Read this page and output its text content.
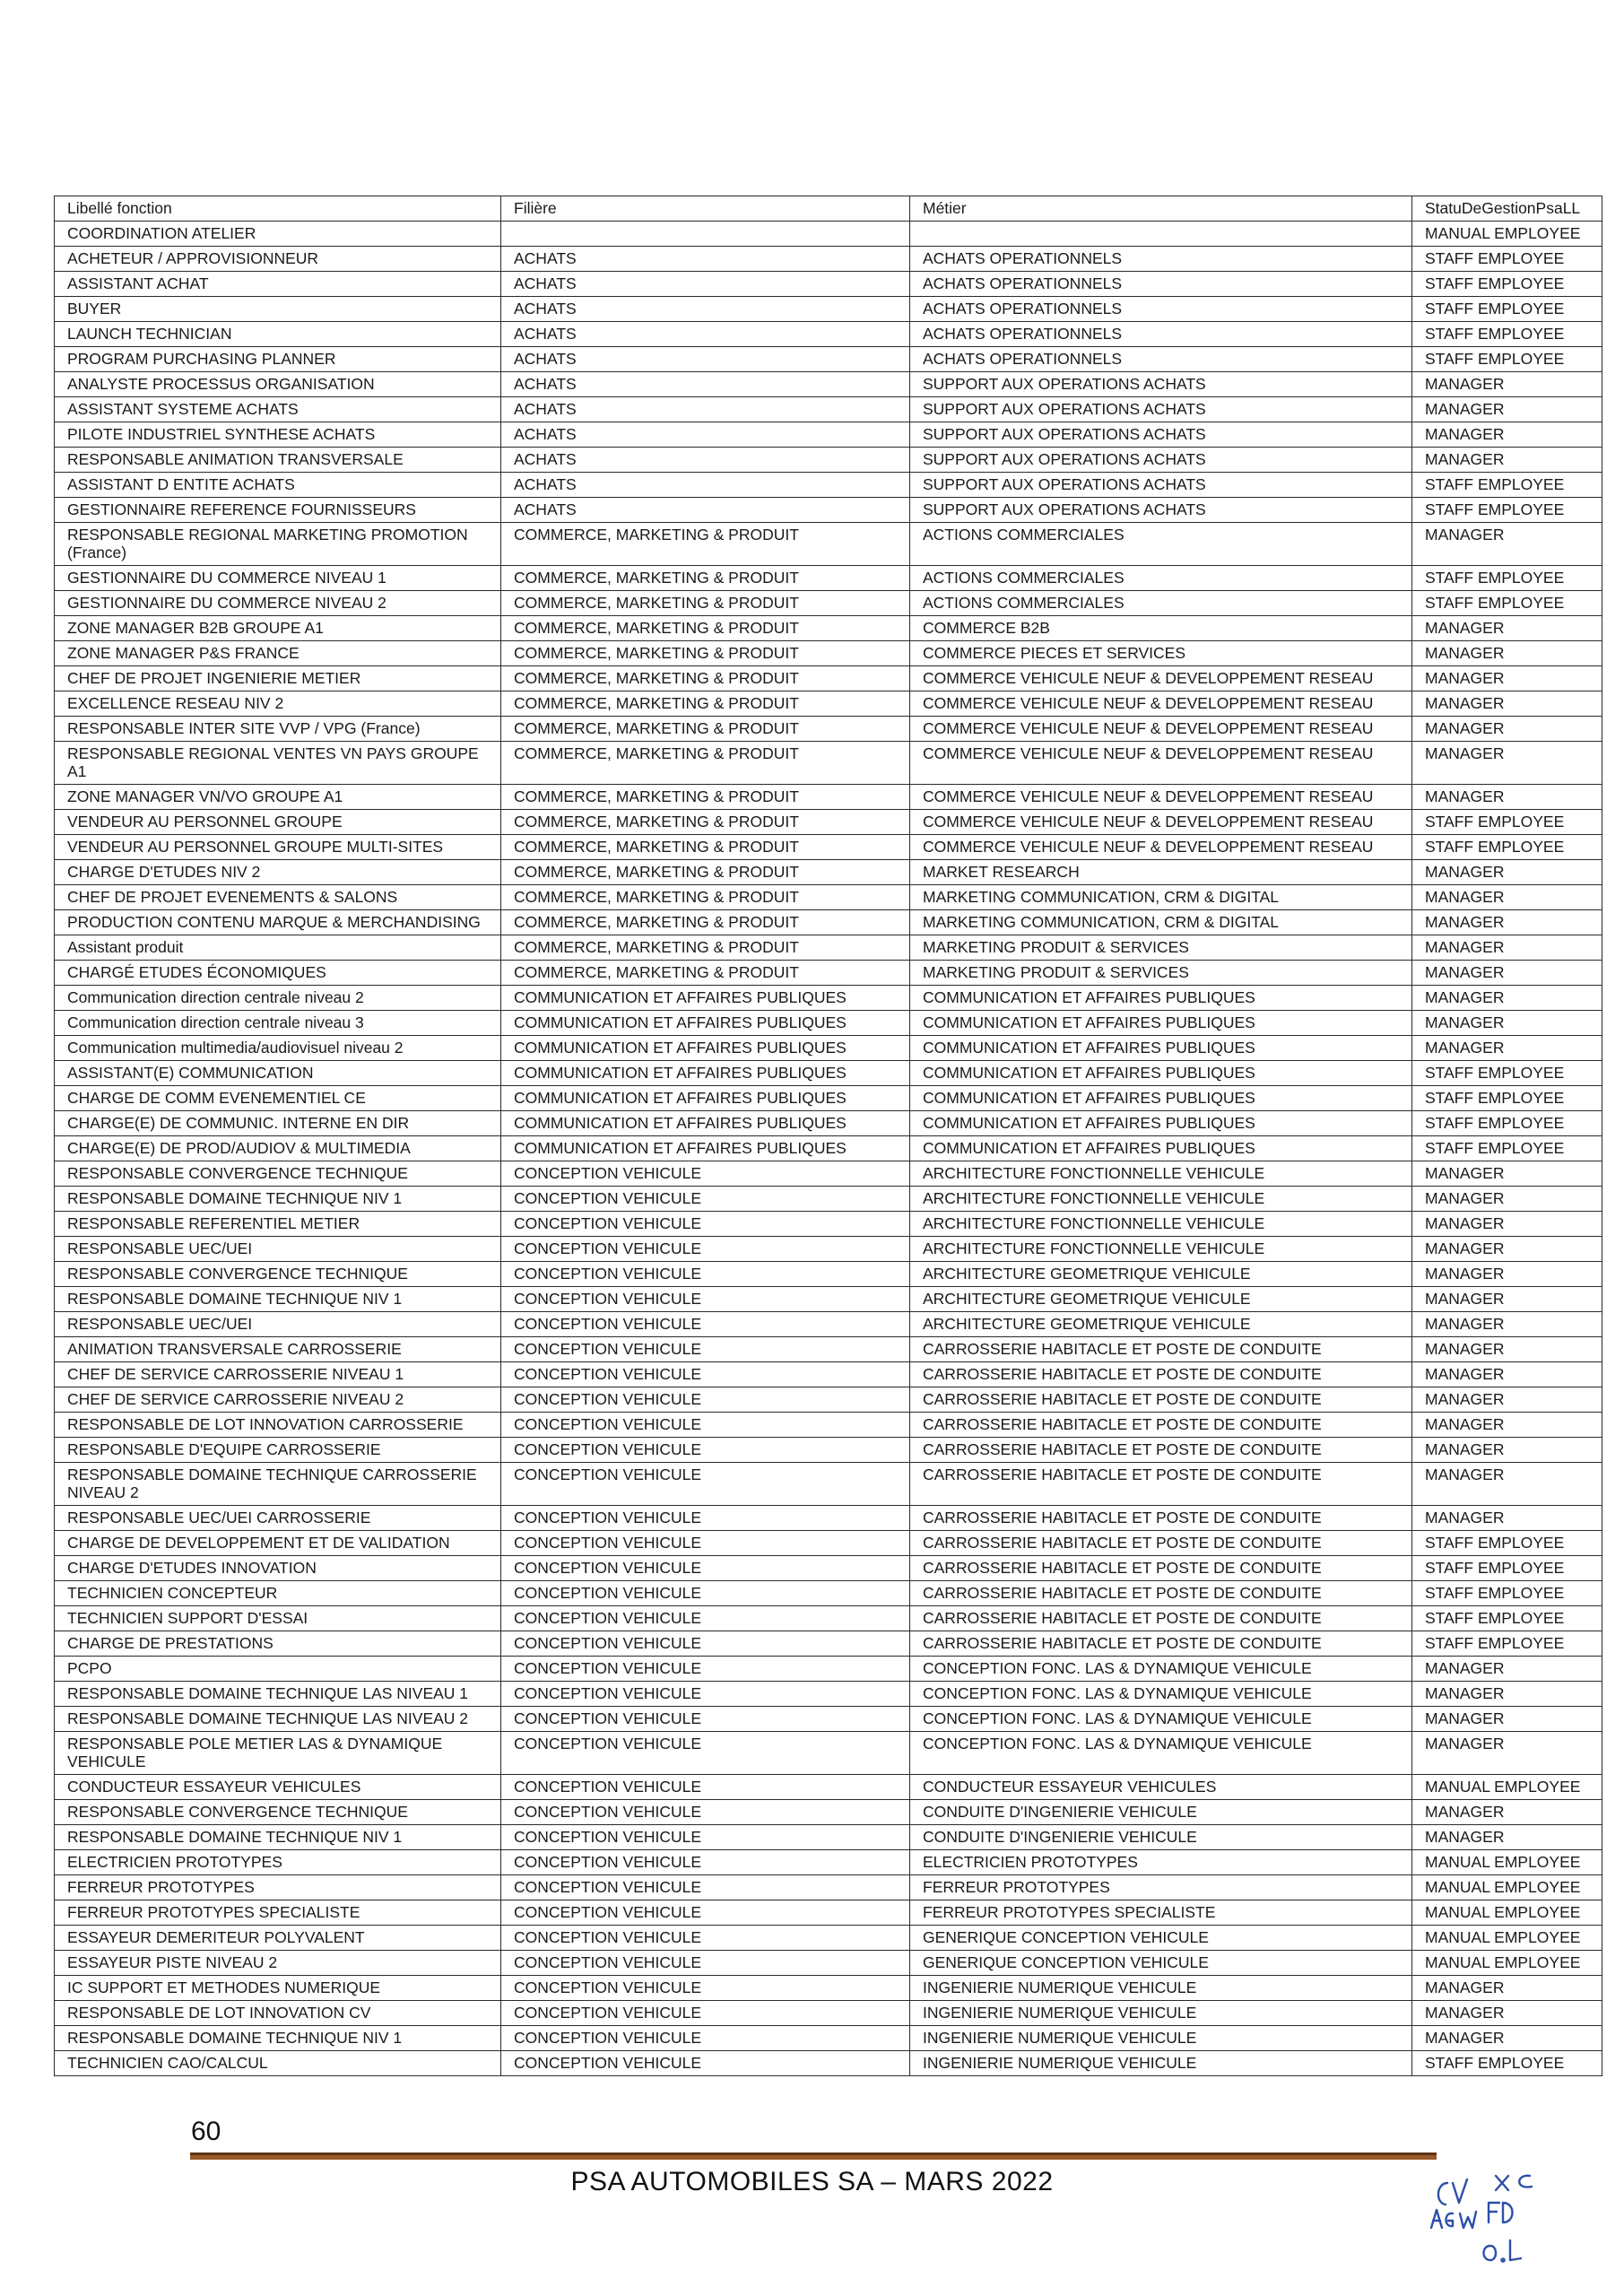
Libellé fonction	Filière	Métier	StatuDeGestionPsaLL
COORDINATION ATELIER			MANUAL EMPLOYEE
ACHETEUR / APPROVISIONNEUR	ACHATS	ACHATS OPERATIONNELS	STAFF EMPLOYEE
ASSISTANT ACHAT	ACHATS	ACHATS OPERATIONNELS	STAFF EMPLOYEE
BUYER	ACHATS	ACHATS OPERATIONNELS	STAFF EMPLOYEE
LAUNCH TECHNICIAN	ACHATS	ACHATS OPERATIONNELS	STAFF EMPLOYEE
PROGRAM PURCHASING PLANNER	ACHATS	ACHATS OPERATIONNELS	STAFF EMPLOYEE
ANALYSTE PROCESSUS ORGANISATION	ACHATS	SUPPORT AUX OPERATIONS ACHATS	MANAGER
ASSISTANT SYSTEME ACHATS	ACHATS	SUPPORT AUX OPERATIONS ACHATS	MANAGER
PILOTE INDUSTRIEL SYNTHESE ACHATS	ACHATS	SUPPORT AUX OPERATIONS ACHATS	MANAGER
RESPONSABLE ANIMATION TRANSVERSALE	ACHATS	SUPPORT AUX OPERATIONS ACHATS	MANAGER
ASSISTANT D ENTITE ACHATS	ACHATS	SUPPORT AUX OPERATIONS ACHATS	STAFF EMPLOYEE
GESTIONNAIRE REFERENCE FOURNISSEURS	ACHATS	SUPPORT AUX OPERATIONS ACHATS	STAFF EMPLOYEE
RESPONSABLE REGIONAL MARKETING PROMOTION (France)	COMMERCE, MARKETING & PRODUIT	ACTIONS COMMERCIALES	MANAGER
GESTIONNAIRE DU COMMERCE NIVEAU 1	COMMERCE, MARKETING & PRODUIT	ACTIONS COMMERCIALES	STAFF EMPLOYEE
GESTIONNAIRE DU COMMERCE NIVEAU 2	COMMERCE, MARKETING & PRODUIT	ACTIONS COMMERCIALES	STAFF EMPLOYEE
ZONE MANAGER B2B GROUPE A1	COMMERCE, MARKETING & PRODUIT	COMMERCE B2B	MANAGER
ZONE MANAGER P&S FRANCE	COMMERCE, MARKETING & PRODUIT	COMMERCE PIECES ET SERVICES	MANAGER
CHEF DE PROJET INGENIERIE METIER	COMMERCE, MARKETING & PRODUIT	COMMERCE VEHICULE NEUF & DEVELOPPEMENT RESEAU	MANAGER
EXCELLENCE RESEAU NIV 2	COMMERCE, MARKETING & PRODUIT	COMMERCE VEHICULE NEUF & DEVELOPPEMENT RESEAU	MANAGER
RESPONSABLE INTER SITE VVP / VPG (France)	COMMERCE, MARKETING & PRODUIT	COMMERCE VEHICULE NEUF & DEVELOPPEMENT RESEAU	MANAGER
RESPONSABLE REGIONAL VENTES VN PAYS GROUPE A1	COMMERCE, MARKETING & PRODUIT	COMMERCE VEHICULE NEUF & DEVELOPPEMENT RESEAU	MANAGER
ZONE MANAGER VN/VO GROUPE A1	COMMERCE, MARKETING & PRODUIT	COMMERCE VEHICULE NEUF & DEVELOPPEMENT RESEAU	MANAGER
VENDEUR AU PERSONNEL GROUPE	COMMERCE, MARKETING & PRODUIT	COMMERCE VEHICULE NEUF & DEVELOPPEMENT RESEAU	STAFF EMPLOYEE
VENDEUR AU PERSONNEL GROUPE MULTI-SITES	COMMERCE, MARKETING & PRODUIT	COMMERCE VEHICULE NEUF & DEVELOPPEMENT RESEAU	STAFF EMPLOYEE
CHARGE D'ETUDES NIV 2	COMMERCE, MARKETING & PRODUIT	MARKET RESEARCH	MANAGER
CHEF DE PROJET EVENEMENTS & SALONS	COMMERCE, MARKETING & PRODUIT	MARKETING COMMUNICATION, CRM & DIGITAL	MANAGER
PRODUCTION CONTENU MARQUE & MERCHANDISING	COMMERCE, MARKETING & PRODUIT	MARKETING COMMUNICATION, CRM & DIGITAL	MANAGER
Assistant produit	COMMERCE, MARKETING & PRODUIT	MARKETING PRODUIT & SERVICES	MANAGER
CHARGÉ ETUDES ÉCONOMIQUES	COMMERCE, MARKETING & PRODUIT	MARKETING PRODUIT & SERVICES	MANAGER
Communication direction centrale niveau 2	COMMUNICATION ET AFFAIRES PUBLIQUES	COMMUNICATION ET AFFAIRES PUBLIQUES	MANAGER
Communication direction centrale niveau 3	COMMUNICATION ET AFFAIRES PUBLIQUES	COMMUNICATION ET AFFAIRES PUBLIQUES	MANAGER
Communication multimedia/audiovisuel niveau 2	COMMUNICATION ET AFFAIRES PUBLIQUES	COMMUNICATION ET AFFAIRES PUBLIQUES	MANAGER
ASSISTANT(E) COMMUNICATION	COMMUNICATION ET AFFAIRES PUBLIQUES	COMMUNICATION ET AFFAIRES PUBLIQUES	STAFF EMPLOYEE
CHARGE DE COMM EVENEMENTIEL CE	COMMUNICATION ET AFFAIRES PUBLIQUES	COMMUNICATION ET AFFAIRES PUBLIQUES	STAFF EMPLOYEE
CHARGE(E) DE COMMUNIC. INTERNE EN DIR	COMMUNICATION ET AFFAIRES PUBLIQUES	COMMUNICATION ET AFFAIRES PUBLIQUES	STAFF EMPLOYEE
CHARGE(E) DE PROD/AUDIOV & MULTIMEDIA	COMMUNICATION ET AFFAIRES PUBLIQUES	COMMUNICATION ET AFFAIRES PUBLIQUES	STAFF EMPLOYEE
RESPONSABLE CONVERGENCE TECHNIQUE	CONCEPTION VEHICULE	ARCHITECTURE FONCTIONNELLE VEHICULE	MANAGER
RESPONSABLE DOMAINE TECHNIQUE NIV 1	CONCEPTION VEHICULE	ARCHITECTURE FONCTIONNELLE VEHICULE	MANAGER
RESPONSABLE REFERENTIEL METIER	CONCEPTION VEHICULE	ARCHITECTURE FONCTIONNELLE VEHICULE	MANAGER
RESPONSABLE UEC/UEI	CONCEPTION VEHICULE	ARCHITECTURE FONCTIONNELLE VEHICULE	MANAGER
RESPONSABLE CONVERGENCE TECHNIQUE	CONCEPTION VEHICULE	ARCHITECTURE GEOMETRIQUE VEHICULE	MANAGER
RESPONSABLE DOMAINE TECHNIQUE NIV 1	CONCEPTION VEHICULE	ARCHITECTURE GEOMETRIQUE VEHICULE	MANAGER
RESPONSABLE UEC/UEI	CONCEPTION VEHICULE	ARCHITECTURE GEOMETRIQUE VEHICULE	MANAGER
ANIMATION TRANSVERSALE CARROSSERIE	CONCEPTION VEHICULE	CARROSSERIE HABITACLE ET POSTE DE CONDUITE	MANAGER
CHEF DE SERVICE CARROSSERIE NIVEAU 1	CONCEPTION VEHICULE	CARROSSERIE HABITACLE ET POSTE DE CONDUITE	MANAGER
CHEF DE SERVICE CARROSSERIE NIVEAU 2	CONCEPTION VEHICULE	CARROSSERIE HABITACLE ET POSTE DE CONDUITE	MANAGER
RESPONSABLE DE LOT INNOVATION CARROSSERIE	CONCEPTION VEHICULE	CARROSSERIE HABITACLE ET POSTE DE CONDUITE	MANAGER
RESPONSABLE D'EQUIPE CARROSSERIE	CONCEPTION VEHICULE	CARROSSERIE HABITACLE ET POSTE DE CONDUITE	MANAGER
RESPONSABLE DOMAINE TECHNIQUE CARROSSERIE NIVEAU 2	CONCEPTION VEHICULE	CARROSSERIE HABITACLE ET POSTE DE CONDUITE	MANAGER
RESPONSABLE UEC/UEI CARROSSERIE	CONCEPTION VEHICULE	CARROSSERIE HABITACLE ET POSTE DE CONDUITE	MANAGER
CHARGE DE DEVELOPPEMENT ET DE VALIDATION	CONCEPTION VEHICULE	CARROSSERIE HABITACLE ET POSTE DE CONDUITE	STAFF EMPLOYEE
CHARGE D'ETUDES INNOVATION	CONCEPTION VEHICULE	CARROSSERIE HABITACLE ET POSTE DE CONDUITE	STAFF EMPLOYEE
TECHNICIEN CONCEPTEUR	CONCEPTION VEHICULE	CARROSSERIE HABITACLE ET POSTE DE CONDUITE	STAFF EMPLOYEE
TECHNICIEN SUPPORT D'ESSAI	CONCEPTION VEHICULE	CARROSSERIE HABITACLE ET POSTE DE CONDUITE	STAFF EMPLOYEE
CHARGE DE PRESTATIONS	CONCEPTION VEHICULE	CARROSSERIE HABITACLE ET POSTE DE CONDUITE	STAFF EMPLOYEE
PCPO	CONCEPTION VEHICULE	CONCEPTION FONC. LAS & DYNAMIQUE VEHICULE	MANAGER
RESPONSABLE DOMAINE TECHNIQUE LAS NIVEAU 1	CONCEPTION VEHICULE	CONCEPTION FONC. LAS & DYNAMIQUE VEHICULE	MANAGER
RESPONSABLE DOMAINE TECHNIQUE LAS NIVEAU 2	CONCEPTION VEHICULE	CONCEPTION FONC. LAS & DYNAMIQUE VEHICULE	MANAGER
RESPONSABLE POLE METIER LAS & DYNAMIQUE VEHICULE	CONCEPTION VEHICULE	CONCEPTION FONC. LAS & DYNAMIQUE VEHICULE	MANAGER
CONDUCTEUR ESSAYEUR VEHICULES	CONCEPTION VEHICULE	CONDUCTEUR ESSAYEUR VEHICULES	MANUAL EMPLOYEE
RESPONSABLE CONVERGENCE TECHNIQUE	CONCEPTION VEHICULE	CONDUITE D'INGENIERIE VEHICULE	MANAGER
RESPONSABLE DOMAINE TECHNIQUE NIV 1	CONCEPTION VEHICULE	CONDUITE D'INGENIERIE VEHICULE	MANAGER
ELECTRICIEN PROTOTYPES	CONCEPTION VEHICULE	ELECTRICIEN PROTOTYPES	MANUAL EMPLOYEE
FERREUR PROTOTYPES	CONCEPTION VEHICULE	FERREUR PROTOTYPES	MANUAL EMPLOYEE
FERREUR PROTOTYPES SPECIALISTE	CONCEPTION VEHICULE	FERREUR PROTOTYPES SPECIALISTE	MANUAL EMPLOYEE
ESSAYEUR DEMERITEUR POLYVALENT	CONCEPTION VEHICULE	GENERIQUE CONCEPTION VEHICULE	MANUAL EMPLOYEE
ESSAYEUR PISTE NIVEAU 2	CONCEPTION VEHICULE	GENERIQUE CONCEPTION VEHICULE	MANUAL EMPLOYEE
IC SUPPORT ET METHODES NUMERIQUE	CONCEPTION VEHICULE	INGENIERIE NUMERIQUE VEHICULE	MANAGER
RESPONSABLE DE LOT INNOVATION CV	CONCEPTION VEHICULE	INGENIERIE NUMERIQUE VEHICULE	MANAGER
RESPONSABLE DOMAINE TECHNIQUE NIV 1	CONCEPTION VEHICULE	INGENIERIE NUMERIQUE VEHICULE	MANAGER
TECHNICIEN CAO/CALCUL	CONCEPTION VEHICULE	INGENIERIE NUMERIQUE VEHICULE	STAFF EMPLOYEE
60
PSA AUTOMOBILES SA – MARS 2022
